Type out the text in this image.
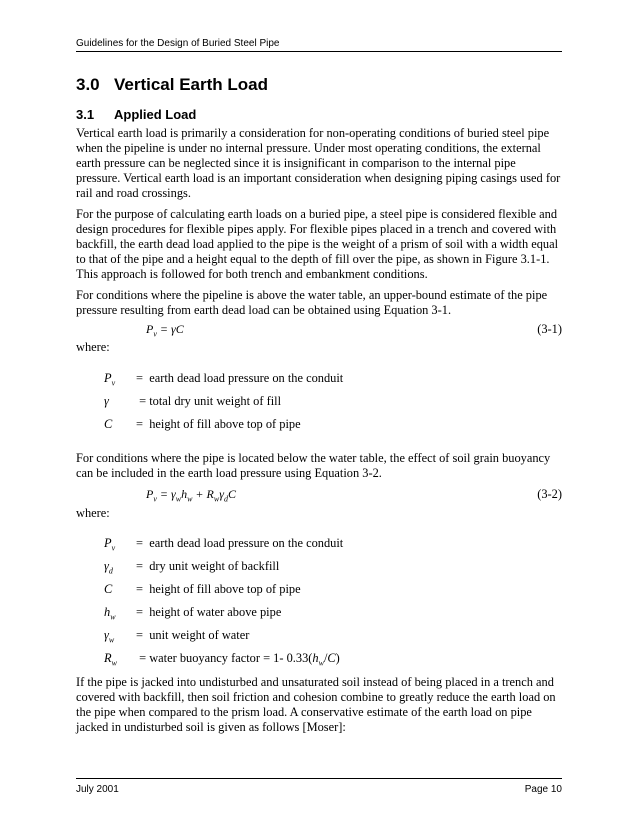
Guidelines for the Design of Buried Steel Pipe
3.0 Vertical Earth Load
3.1 Applied Load
Vertical earth load is primarily a consideration for non-operating conditions of buried steel pipe when the pipeline is under no internal pressure. Under most operating conditions, the external earth pressure can be neglected since it is insignificant in comparison to the internal pipe pressure. Vertical earth load is an important consideration when designing piping casings used for rail and road crossings.
For the purpose of calculating earth loads on a buried pipe, a steel pipe is considered flexible and design procedures for flexible pipes apply. For flexible pipes placed in a trench and covered with backfill, the earth dead load applied to the pipe is the weight of a prism of soil with a width equal to that of the pipe and a height equal to the depth of fill over the pipe, as shown in Figure 3.1-1. This approach is followed for both trench and embankment conditions.
For conditions where the pipeline is above the water table, an upper-bound estimate of the pipe pressure resulting from earth dead load can be obtained using Equation 3-1.
$P_v = \gamma C$	(3-1)
where:
$P_v$ = earth dead load pressure on the conduit
γ = total dry unit weight of fill
C = height of fill above top of pipe
For conditions where the pipe is located below the water table, the effect of soil grain buoyancy can be included in the earth load pressure using Equation 3-2.
$P_v = \gamma_wh_w + R_w\gamma_dC$	(3-2)
where:
$P_v$ = earth dead load pressure on the conduit
$\gamma_d$ = dry unit weight of backfill
C = height of fill above top of pipe
$h_w$ = height of water above pipe
$\gamma_w$ = unit weight of water
$R_w$ = water buoyancy factor = 1- $0.33(h_w/C)$
If the pipe is jacked into undisturbed and unsaturated soil instead of being placed in a trench and covered with backfill, then soil friction and cohesion combine to greatly reduce the earth load on the pipe when compared to the prism load. A conservative estimate of the earth load on pipe jacked in undisturbed soil is given as follows [Moser]:
July 2001	Page 10
